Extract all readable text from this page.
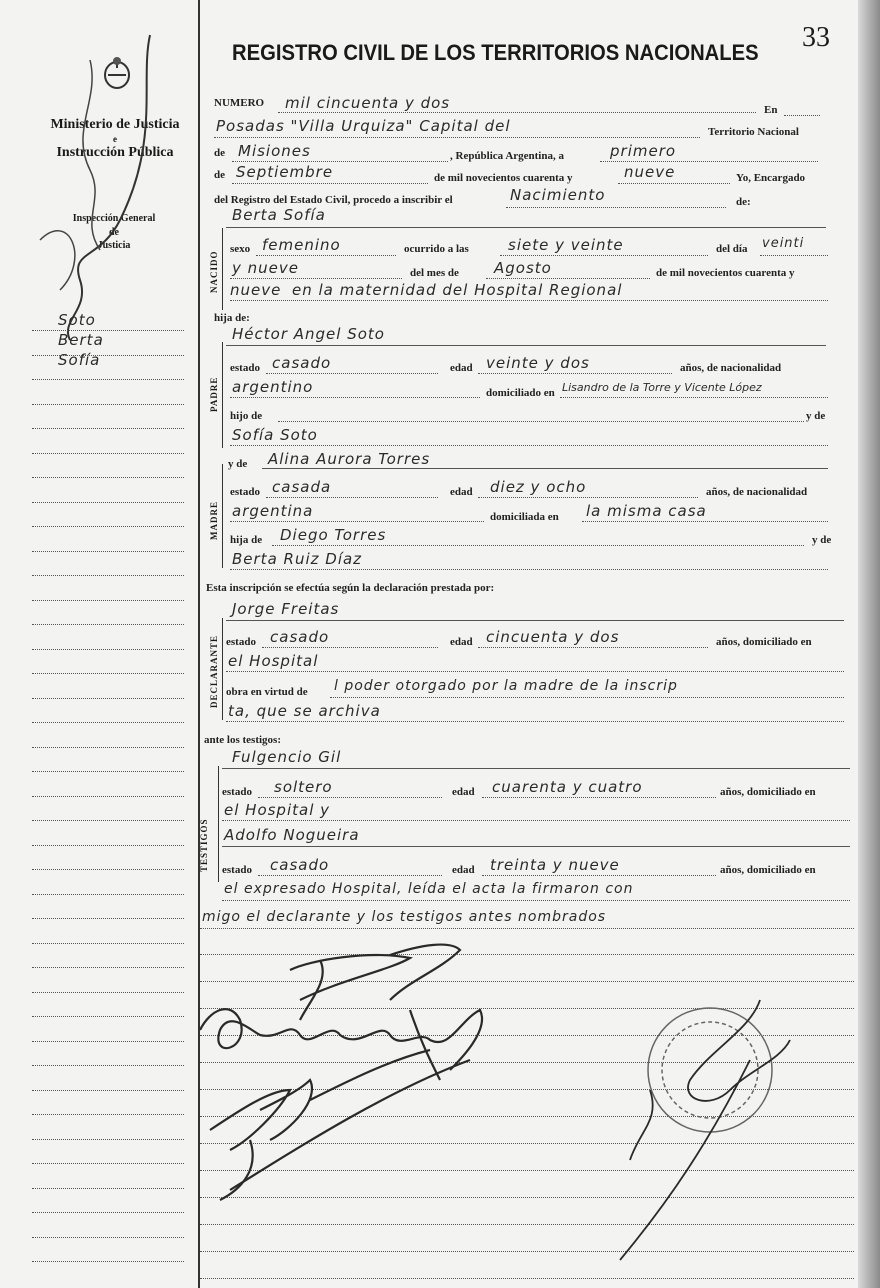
Ministerio de Justicia
e
Instrucción Pública
Inspección General
de
Justicia
Soto
Berta
Sofía
REGISTRO CIVIL DE LOS TERRITORIOS NACIONALES 33
NUMERO mil cincuenta y dos	En
Posadas "Villa Urquiza" Capital del	Territorio Nacional
de Misiones	, República Argentina, a	primero
de Septiembre	de mil novecientos cuarenta y	nueve	Yo, Encargado
del Registro del Estado Civil, procedo a inscribir el	Nacimiento	de:
NACIDO
Berta Sofía
sexo femenino	ocurrido a las	siete y veinte	del día veinti
y nueve	del mes de Agosto	de mil novecientos cuarenta y
nueve en la maternidad del Hospital Regional
hija de:
PADRE
Héctor Angel Soto
estado casado	edad veinte y dos	años, de nacionalidad
argentino	domiciliado en Lisandro de la Torre y Vicente López
hijo de	y de
Sofía Soto
MADRE
y de Alina Aurora Torres
estado casada	edad diez y ocho	años, de nacionalidad
argentina	domiciliada en la misma casa
hija de Diego Torres	y de
Berta Ruiz Díaz
Esta inscripción se efectúa según la declaración prestada por:
DECLARANTE
Jorge Freitas
estado casado	edad cincuenta y dos	años, domiciliado en
el Hospital
obra en virtud de l poder otorgado por la madre de la inscrip
ta, que se archiva
ante los testigos:
TESTIGOS
Fulgencio Gil
estado soltero	edad cuarenta y cuatro	años, domiciliado en
el Hospital y
Adolfo Nogueira
estado casado	edad treinta y nueve	años, domiciliado en
el expresado Hospital, leída el acta la firmaron con
migo el declarante y los testigos antes nombrados
